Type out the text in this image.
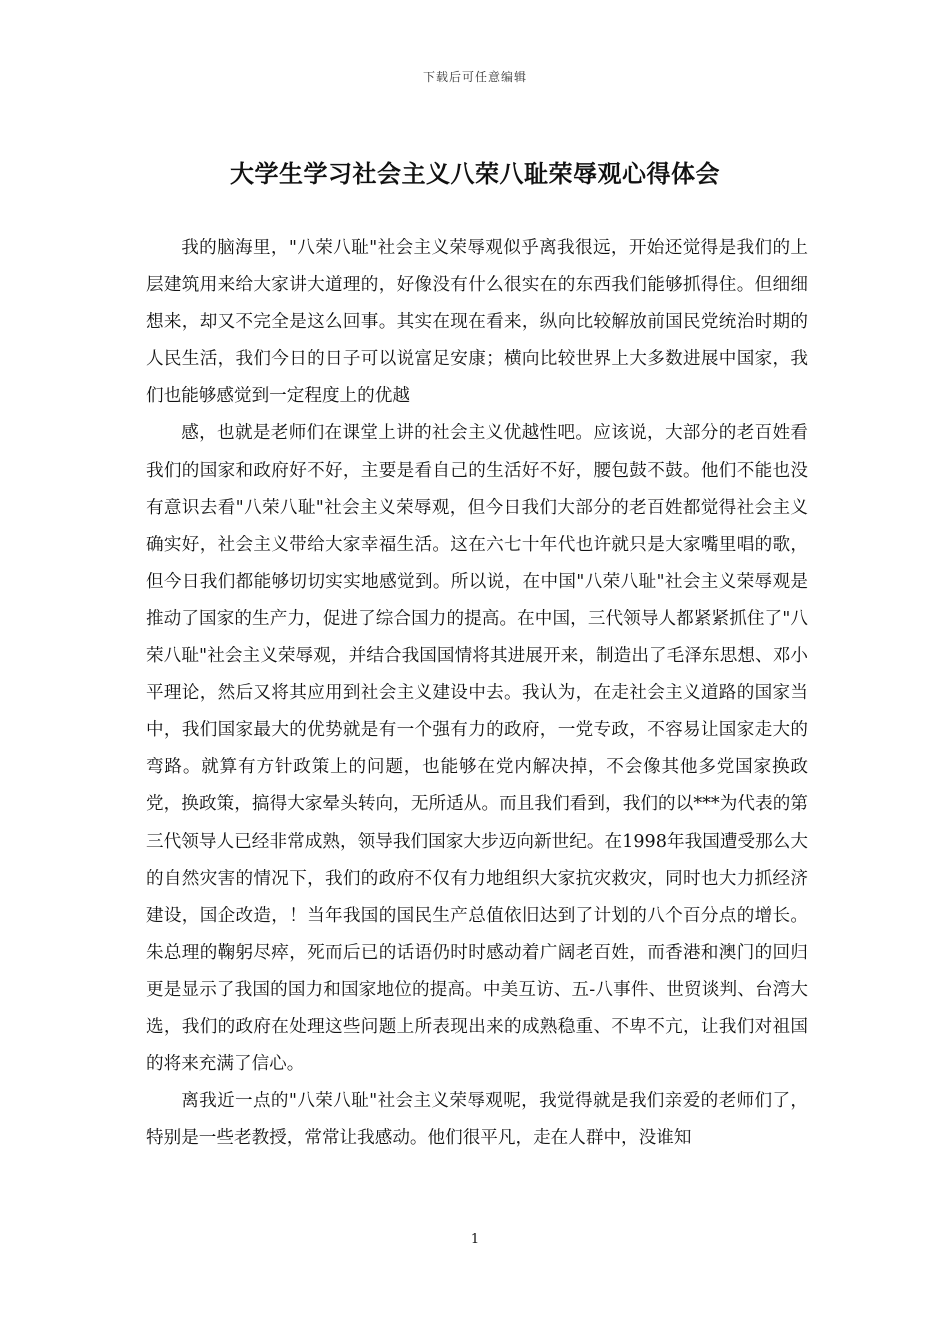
下载后可任意编辑
大学生学习社会主义八荣八耻荣辱观心得体会

我的脑海里，"八荣八耻"社会主义荣辱观似乎离我很远，开始还觉得是我们的上层建筑用来给大家讲大道理的，好像没有什么很实在的东西我们能够抓得住。但细细想来，却又不完全是这么回事。其实在现在看来，纵向比较解放前国民党统治时期的人民生活，我们今日的日子可以说富足安康；横向比较世界上大多数进展中国家，我们也能够感觉到一定程度上的优越

感，也就是老师们在课堂上讲的社会主义优越性吧。应该说，大部分的老百姓看我们的国家和政府好不好，主要是看自己的生活好不好，腰包鼓不鼓。他们不能也没有意识去看"八荣八耻"社会主义荣辱观，但今日我们大部分的老百姓都觉得社会主义确实好，社会主义带给大家幸福生活。这在六七十年代也许就只是大家嘴里唱的歌，但今日我们都能够切切实实地感觉到。所以说，在中国"八荣八耻"社会主义荣辱观是推动了国家的生产力，促进了综合国力的提高。在中国，三代领导人都紧紧抓住了"八荣八耻"社会主义荣辱观，并结合我国国情将其进展开来，制造出了毛泽东思想、邓小平理论，然后又将其应用到社会主义建设中去。我认为，在走社会主义道路的国家当中，我们国家最大的优势就是有一个强有力的政府，一党专政，不容易让国家走大的弯路。就算有方针政策上的问题，也能够在党内解决掉，不会像其他多党国家换政党，换政策，搞得大家晕头转向，无所适从。而且我们看到，我们的以***为代表的第三代领导人已经非常成熟，领导我们国家大步迈向新世纪。在1998年我国遭受那么大的自然灾害的情况下，我们的政府不仅有力地组织大家抗灾救灾，同时也大力抓经济建设，国企改造，！当年我国的国民生产总值依旧达到了计划的八个百分点的增长。朱总理的鞠躬尽瘁，死而后已的话语仍时时感动着广阔老百姓，而香港和澳门的回归更是显示了我国的国力和国家地位的提高。中美互访、五-八事件、世贸谈判、台湾大选，我们的政府在处理这些问题上所表现出来的成熟稳重、不卑不亢，让我们对祖国的将来充满了信心。

离我近一点的"八荣八耻"社会主义荣辱观呢，我觉得就是我们亲爱的老师们了，特别是一些老教授，常常让我感动。他们很平凡，走在人群中，没谁知

1
